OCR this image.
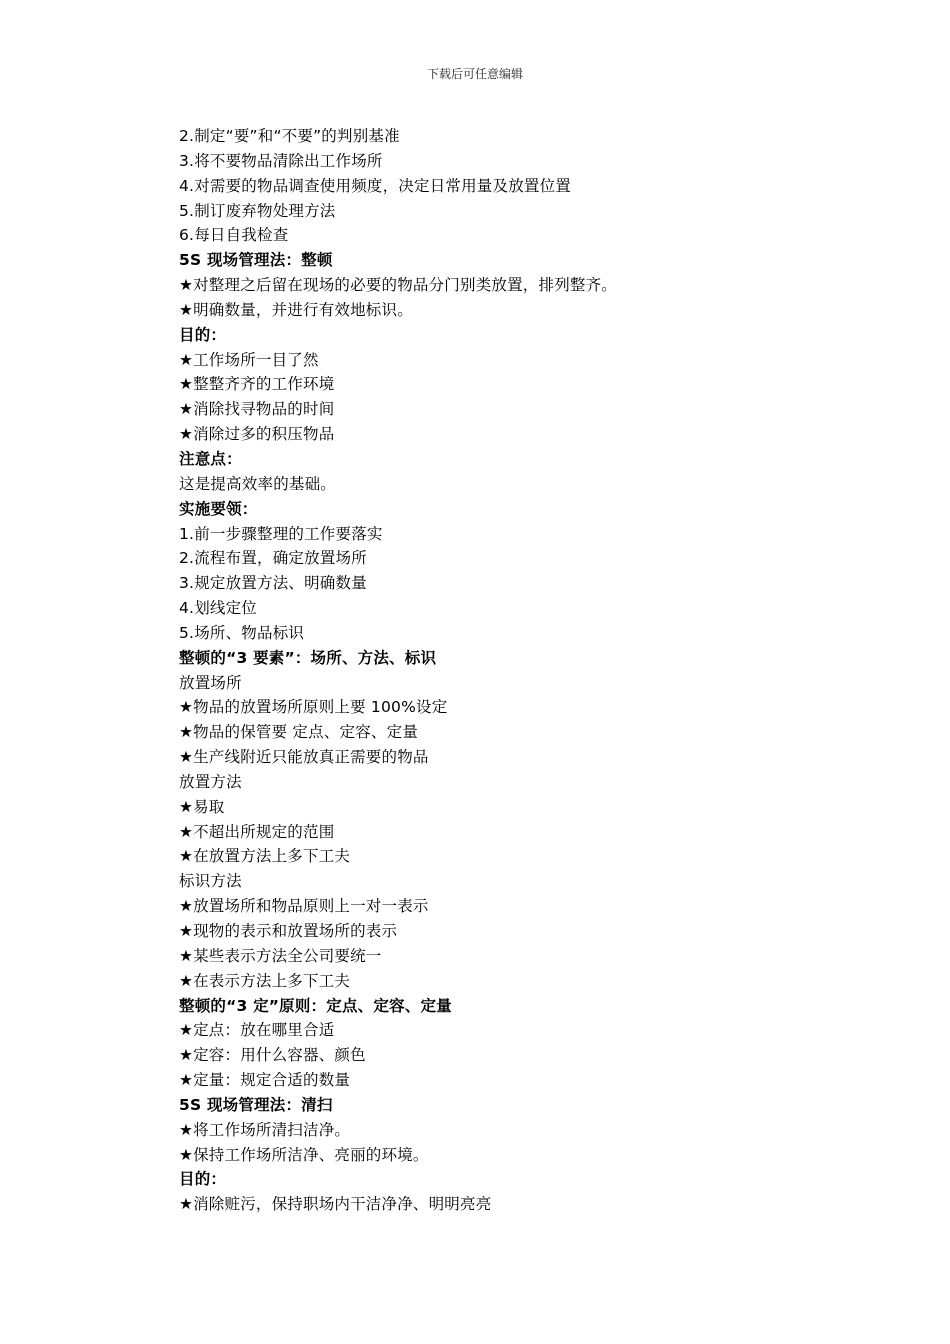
下载后可任意编辑
2.制定“要”和“不要”的判别基准
3.将不要物品清除出工作场所
4.对需要的物品调查使用频度，决定日常用量及放置位置
5.制订废弃物处理方法
6.每日自我检查
5S 现场管理法：整顿
★对整理之后留在现场的必要的物品分门别类放置，排列整齐。
★明确数量，并进行有效地标识。
目的：
★工作场所一目了然
★整整齐齐的工作环境
★消除找寻物品的时间
★消除过多的积压物品
注意点：
这是提高效率的基础。
实施要领：
1.前一步骤整理的工作要落实
2.流程布置，确定放置场所
3.规定放置方法、明确数量
4.划线定位
5.场所、物品标识
整顿的“3 要素”：场所、方法、标识
放置场所
★物品的放置场所原则上要 100%设定
★物品的保管要 定点、定容、定量
★生产线附近只能放真正需要的物品
放置方法
★易取
★不超出所规定的范围
★在放置方法上多下工夫
标识方法
★放置场所和物品原则上一对一表示
★现物的表示和放置场所的表示
★某些表示方法全公司要统一
★在表示方法上多下工夫
整顿的“3 定”原则：定点、定容、定量
★定点：放在哪里合适
★定容：用什么容器、颜色
★定量：规定合适的数量
5S 现场管理法：清扫
★将工作场所清扫洁净。
★保持工作场所洁净、亮丽的环境。
目的：
★消除赃污，保持职场内干洁净净、明明亮亮
